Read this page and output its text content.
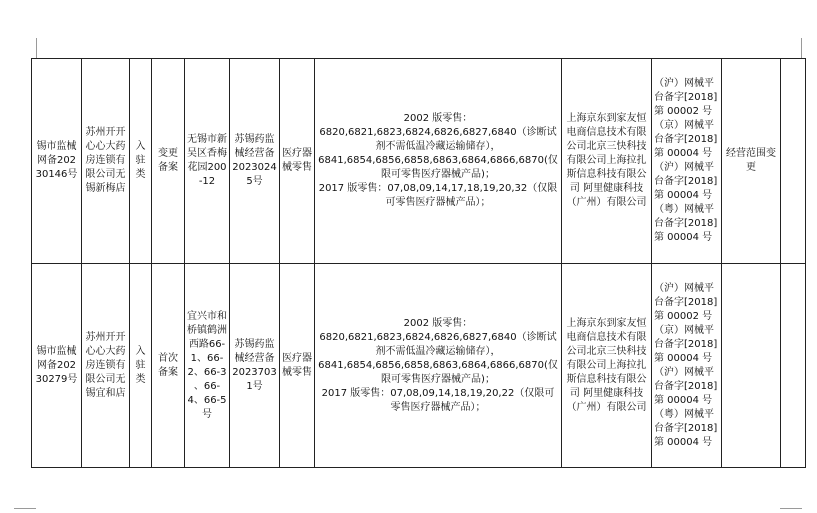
锡市监械网备20230146号	苏州开开心心大药房连锁有限公司无锡新梅店	入驻类	变更备案	无锡市新吴区香梅花园200-12	苏锡药监械经营备20230245号	医疗器械零售	2002 版零售：
6820,6821,6823,6824,6826,6827,6840（诊断试剂不需低温冷藏运输储存），
6841,6854,6856,6858,6863,6864,6866,6870(仅限可零售医疗器械产品)；
2017 版零售：07,08,09,14,17,18,19,20,32（仅限可零售医疗器械产品）；	上海京东到家友恒电商信息技术有限公司北京三快科技有限公司上海拉扎斯信息科技有限公司 阿里健康科技（广州）有限公司	（沪）网械平台备字[2018]第 00002 号（京）网械平台备字[2018]第 00004 号（沪）网械平台备字[2018]第 00004 号（粤）网械平台备字[2018]第 00004 号	经营范围变更	
锡市监械网备20230279号	苏州开开心心大药房连锁有限公司无锡宜和店	入驻类	首次备案	宜兴市和桥镇鹤洲西路66-1、66-2、66-3 、66-4、66-5号	苏锡药监械经营备20237031号	医疗器械零售	2002 版零售：
6820,6821,6823,6824,6826,6827,6840（诊断试剂不需低温冷藏运输储存），
6841,6854,6856,6858,6863,6864,6866,6870(仅限可零售医疗器械产品)；
2017 版零售：07,08,09,14,18,19,20,22（仅限可零售医疗器械产品）；	上海京东到家友恒电商信息技术有限公司北京三快科技有限公司上海拉扎斯信息科技有限公司 阿里健康科技（广州）有限公司	（沪）网械平台备字[2018]第 00002 号（京）网械平台备字[2018]第 00004 号（沪）网械平台备字[2018]第 00004 号（粤）网械平台备字[2018]第 00004 号		
